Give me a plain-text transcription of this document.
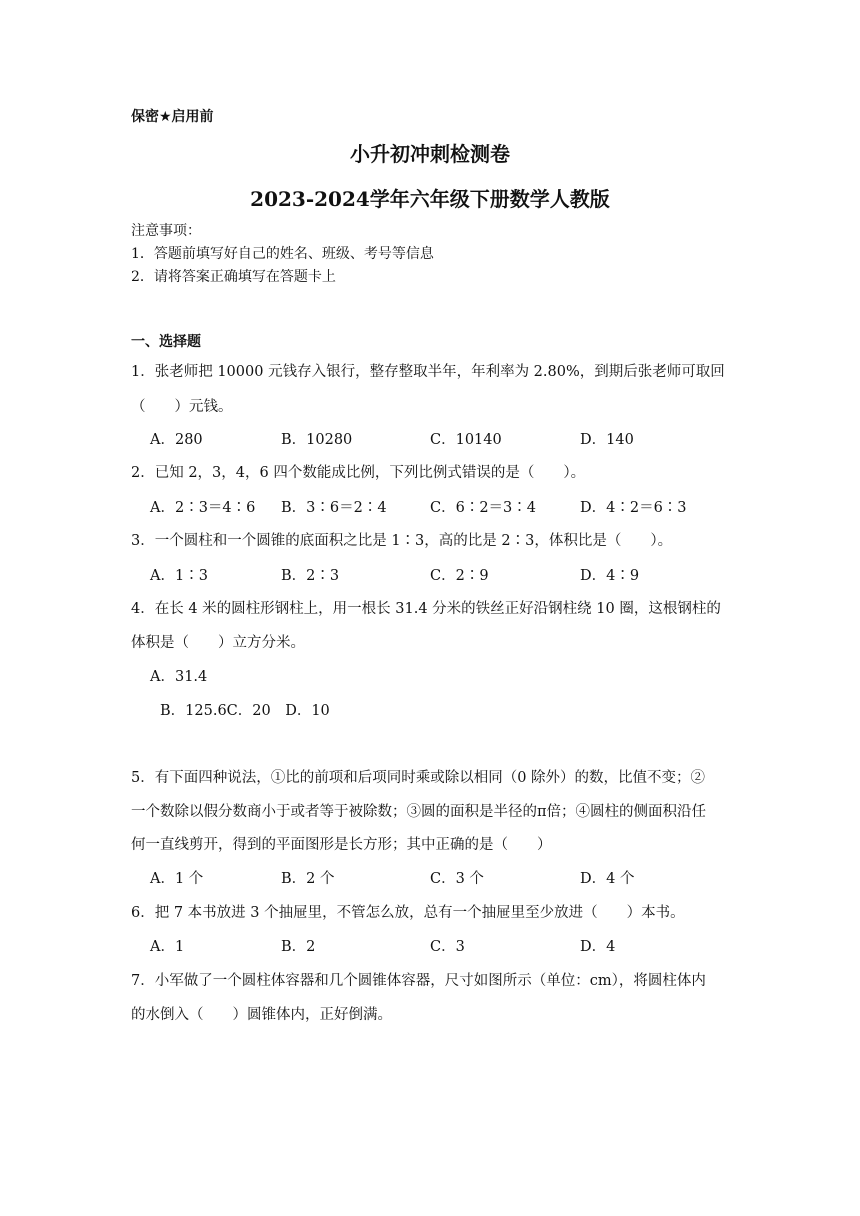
保密★启用前
小升初冲刺检测卷
2023-2024学年六年级下册数学人教版
注意事项：
1．答题前填写好自己的姓名、班级、考号等信息
2．请将答案正确填写在答题卡上
一、选择题
1．张老师把 10000 元钱存入银行，整存整取半年，年利率为 2.80%，到期后张老师可取回
（　　）元钱。
A．280	B．10280	C．10140	D．140
2．已知 2，3，4，6 四个数能成比例，下列比例式错误的是（　　）。
A．2∶3＝4∶6 B．3∶6＝2∶4	C．6∶2＝3∶4	D．4∶2＝6∶3
3．一个圆柱和一个圆锥的底面积之比是 1∶3，高的比是 2∶3，体积比是（　　）。
A．1∶3	B．2∶3	C．2∶9	D．4∶9
4．在长 4 米的圆柱形钢柱上，用一根长 31.4 分米的铁丝正好沿钢柱绕 10 圈，这根钢柱的
体积是（　　）立方分米。
A．31.4
B．125.6C．20　D．10
5．有下面四种说法，①比的前项和后项同时乘或除以相同（0 除外）的数，比值不变；②
一个数除以假分数商小于或者等于被除数；③圆的面积是半径的π倍；④圆柱的侧面积沿任
何一直线剪开，得到的平面图形是长方形；其中正确的是（　　）
A．1 个	B．2 个	C．3 个	D．4 个
6．把 7 本书放进 3 个抽屉里，不管怎么放，总有一个抽屉里至少放进（　　）本书。
A．1	B．2	C．3	D．4
7．小军做了一个圆柱体容器和几个圆锥体容器，尺寸如图所示（单位：cm），将圆柱体内
的水倒入（　　）圆锥体内，正好倒满。
